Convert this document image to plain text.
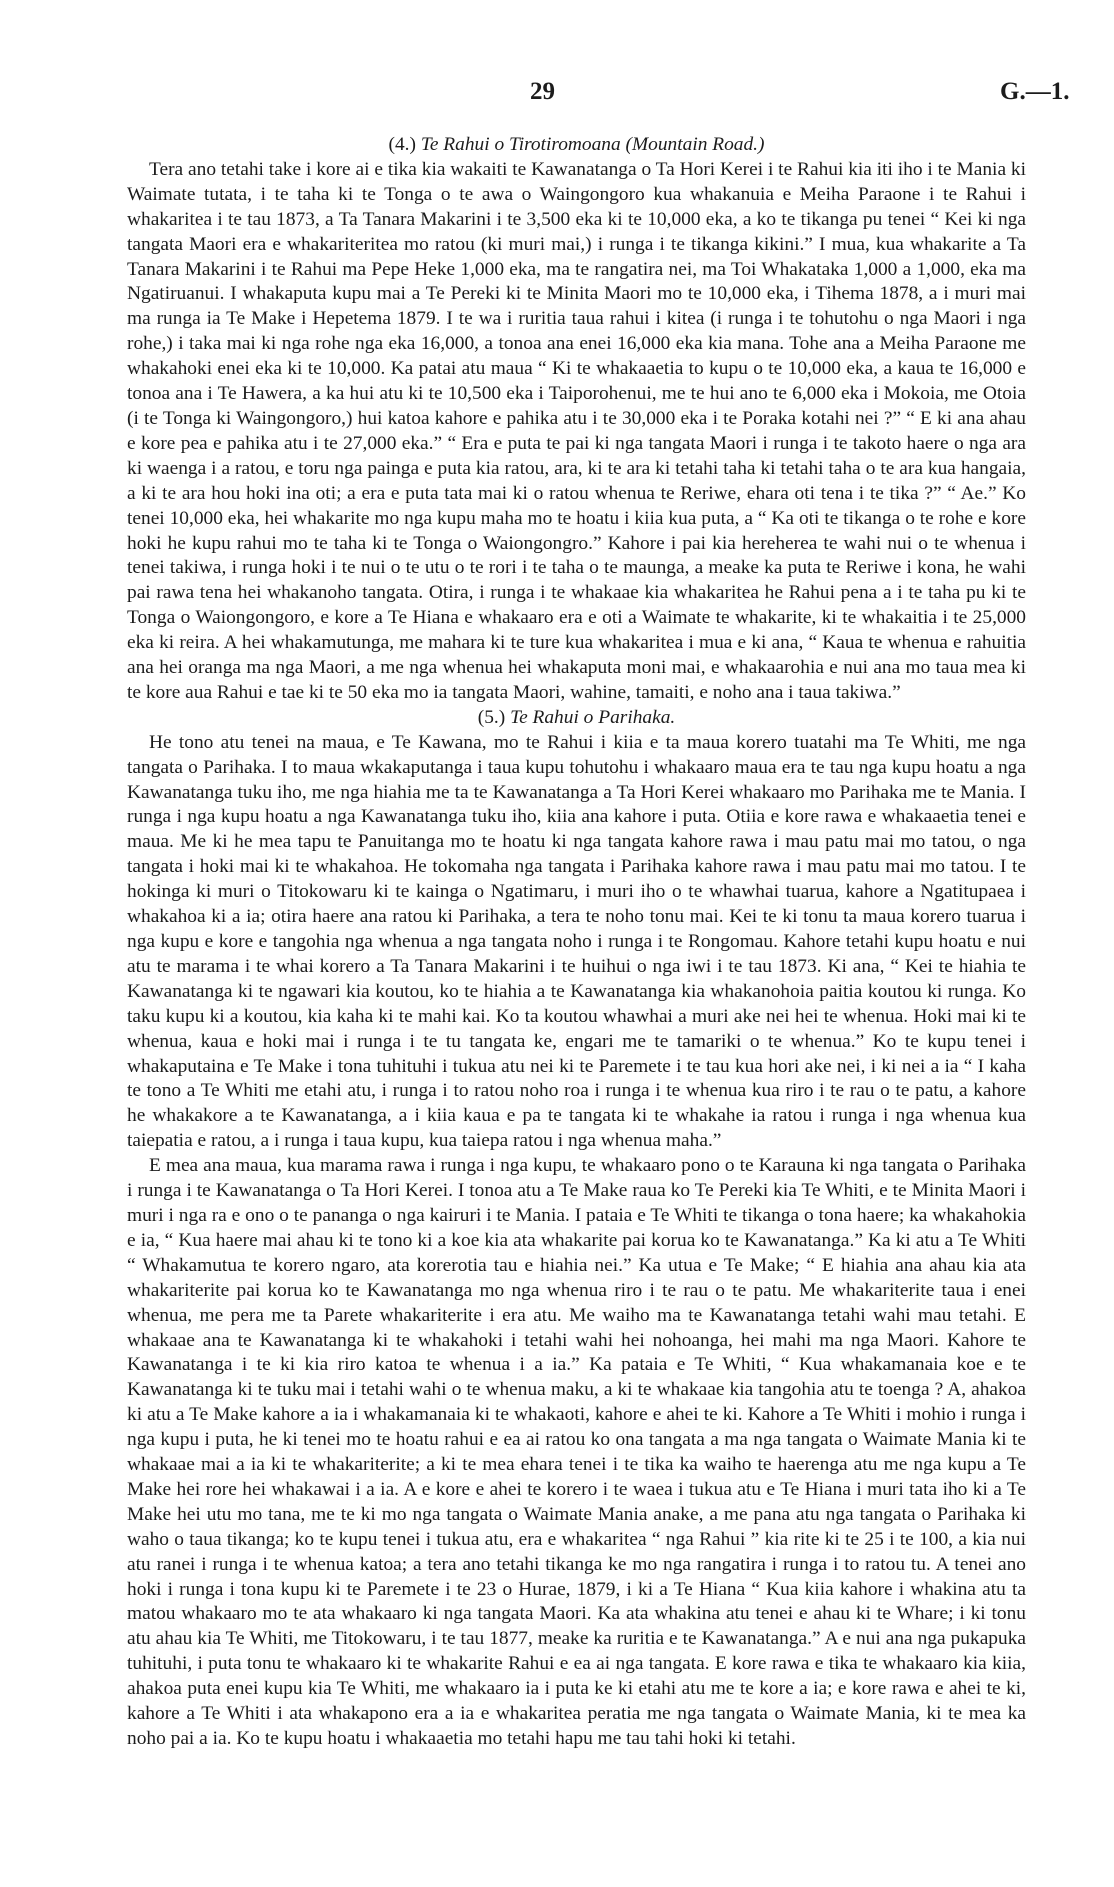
29	G.—1.
(4.) Te Rahui o Tirotiromoana (Mountain Road.)

Tera ano tetahi take i kore ai e tika kia wakaiti te Kawanatanga o Ta Hori Kerei i te Rahui kia iti iho i te Mania ki Waimate tutata, i te taha ki te Tonga o te awa o Waingongoro kua whakanuia e Meiha Paraone i te Rahui i whakaritea i te tau 1873, a Ta Tanara Makarini i te 3,500 eka ki te 10,000 eka, a ko te tikanga pu tenei “ Kei ki nga tangata Maori era e whakariteritea mo ratou (ki muri mai,) i runga i te tikanga kikini.” I mua, kua whakarite a Ta Tanara Makarini i te Rahui ma Pepe Heke 1,000 eka, ma te rangatira nei, ma Toi Whakataka 1,000 a 1,000, eka ma Ngatiruanui. I whakaputa kupu mai a Te Pereki ki te Minita Maori mo te 10,000 eka, i Tihema 1878, a i muri mai ma runga ia Te Make i Hepetema 1879. I te wa i ruritia taua rahui i kitea (i runga i te tohutohu o nga Maori i nga rohe,) i taka mai ki nga rohe nga eka 16,000, a tonoa ana enei 16,000 eka kia mana. Tohe ana a Meiha Paraone me whakahoki enei eka ki te 10,000. Ka patai atu maua “ Ki te whakaaetia to kupu o te 10,000 eka, a kaua te 16,000 e tonoa ana i Te Hawera, a ka hui atu ki te 10,500 eka i Taiporohenui, me te hui ano te 6,000 eka i Mokoia, me Otoia (i te Tonga ki Waingongoro,) hui katoa kahore e pahika atu i te 30,000 eka i te Poraka kotahi nei ?” “ E ki ana ahau e kore pea e pahika atu i te 27,000 eka.” “ Era e puta te pai ki nga tangata Maori i runga i te takoto haere o nga ara ki waenga i a ratou, e toru nga painga e puta kia ratou, ara, ki te ara ki tetahi taha ki tetahi taha o te ara kua hangaia, a ki te ara hou hoki ina oti; a era e puta tata mai ki o ratou whenua te Reriwe, ehara oti tena i te tika ?” “ Ae.” Ko tenei 10,000 eka, hei whakarite mo nga kupu maha mo te hoatu i kiia kua puta, a “ Ka oti te tikanga o te rohe e kore hoki he kupu rahui mo te taha ki te Tonga o Waiongongro.” Kahore i pai kia hereherea te wahi nui o te whenua i tenei takiwa, i runga hoki i te nui o te utu o te rori i te taha o te maunga, a meake ka puta te Reriwe i kona, he wahi pai rawa tena hei whakanoho tangata. Otira, i runga i te whakaae kia whakaritea he Rahui pena a i te taha pu ki te Tonga o Waiongongoro, e kore a Te Hiana e whakaaro era e oti a Waimate te whakarite, ki te whakaitia i te 25,000 eka ki reira. A hei whakamutunga, me mahara ki te ture kua whakaritea i mua e ki ana, “ Kaua te whenua e rahuitia ana hei oranga ma nga Maori, a me nga whenua hei whakaputa moni mai, e whakaarohia e nui ana mo taua mea ki te kore aua Rahui e tae ki te 50 eka mo ia tangata Maori, wahine, tamaiti, e noho ana i taua takiwa.”

(5.) Te Rahui o Parihaka.

He tono atu tenei na maua, e Te Kawana, mo te Rahui i kiia e ta maua korero tuatahi ma Te Whiti, me nga tangata o Parihaka. I to maua wkakaputanga i taua kupu tohutohu i whakaaro maua era te tau nga kupu hoatu a nga Kawanatanga tuku iho, me nga hiahia me ta te Kawanatanga a Ta Hori Kerei whakaaro mo Parihaka me te Mania. I runga i nga kupu hoatu a nga Kawanatanga tuku iho, kiia ana kahore i puta. Otiia e kore rawa e whakaaetia tenei e maua. Me ki he mea tapu te Panuitanga mo te hoatu ki nga tangata kahore rawa i mau patu mai mo tatou, o nga tangata i hoki mai ki te whakahoa. He tokomaha nga tangata i Parihaka kahore rawa i mau patu mai mo tatou. I te hokinga ki muri o Titokowaru ki te kainga o Ngatimaru, i muri iho o te whawhai tuarua, kahore a Ngatitupaea i whakahoa ki a ia; otira haere ana ratou ki Parihaka, a tera te noho tonu mai. Kei te ki tonu ta maua korero tuarua i nga kupu e kore e tangohia nga whenua a nga tangata noho i runga i te Rongomau. Kahore tetahi kupu hoatu e nui atu te marama i te whai korero a Ta Tanara Makarini i te huihui o nga iwi i te tau 1873. Ki ana, “ Kei te hiahia te Kawanatanga ki te ngawari kia koutou, ko te hiahia a te Kawanatanga kia whakanohoia paitia koutou ki runga. Ko taku kupu ki a koutou, kia kaha ki te mahi kai. Ko ta koutou whawhai a muri ake nei hei te whenua. Hoki mai ki te whenua, kaua e hoki mai i runga i te tu tangata ke, engari me te tamariki o te whenua.” Ko te kupu tenei i whakaputaina e Te Make i tona tuhituhi i tukua atu nei ki te Paremete i te tau kua hori ake nei, i ki nei a ia “ I kaha te tono a Te Whiti me etahi atu, i runga i to ratou noho roa i runga i te whenua kua riro i te rau o te patu, a kahore he whakakore a te Kawanatanga, a i kiia kaua e pa te tangata ki te whakahe ia ratou i runga i nga whenua kua taiepatia e ratou, a i runga i taua kupu, kua taiepa ratou i nga whenua maha.”

E mea ana maua, kua marama rawa i runga i nga kupu, te whakaaro pono o te Karauna ki nga tangata o Parihaka i runga i te Kawanatanga o Ta Hori Kerei. I tonoa atu a Te Make raua ko Te Pereki kia Te Whiti, e te Minita Maori i muri i nga ra e ono o te pananga o nga kairuri i te Mania. I pataia e Te Whiti te tikanga o tona haere; ka whakahokia e ia, “ Kua haere mai ahau ki te tono ki a koe kia ata whakarite pai korua ko te Kawanatanga.” Ka ki atu a Te Whiti “ Whakamutua te korero ngaro, ata korerotia tau e hiahia nei.” Ka utua e Te Make; “ E hiahia ana ahau kia ata whakariterite pai korua ko te Kawanatanga mo nga whenua riro i te rau o te patu. Me whakariterite taua i enei whenua, me pera me ta Parete whakariterite i era atu. Me waiho ma te Kawanatanga tetahi wahi mau tetahi. E whakaae ana te Kawanatanga ki te whakahoki i tetahi wahi hei nohoanga, hei mahi ma nga Maori. Kahore te Kawanatanga i te ki kia riro katoa te whenua i a ia.” Ka pataia e Te Whiti, “ Kua whakamanaia koe e te Kawanatanga ki te tuku mai i tetahi wahi o te whenua maku, a ki te whakaae kia tangohia atu te toenga ? A, ahakoa ki atu a Te Make kahore a ia i whakamanaia ki te whakaoti, kahore e ahei te ki. Kahore a Te Whiti i mohio i runga i nga kupu i puta, he ki tenei mo te hoatu rahui e ea ai ratou ko ona tangata a ma nga tangata o Waimate Mania ki te whakaae mai a ia ki te whakariterite; a ki te mea ehara tenei i te tika ka waiho te haerenga atu me nga kupu a Te Make hei rore hei whakawai i a ia. A e kore e ahei te korero i te waea i tukua atu e Te Hiana i muri tata iho ki a Te Make hei utu mo tana, me te ki mo nga tangata o Waimate Mania anake, a me pana atu nga tangata o Parihaka ki waho o taua tikanga; ko te kupu tenei i tukua atu, era e whakaritea “ nga Rahui ” kia rite ki te 25 i te 100, a kia nui atu ranei i runga i te whenua katoa; a tera ano tetahi tikanga ke mo nga rangatira i runga i to ratou tu. A tenei ano hoki i runga i tona kupu ki te Paremete i te 23 o Hurae, 1879, i ki a Te Hiana “ Kua kiia kahore i whakina atu ta matou whakaaro mo te ata whakaaro ki nga tangata Maori. Ka ata whakina atu tenei e ahau ki te Whare; i ki tonu atu ahau kia Te Whiti, me Titokowaru, i te tau 1877, meake ka ruritia e te Kawanatanga.” A e nui ana nga pukapuka tuhituhi, i puta tonu te whakaaro ki te whakarite Rahui e ea ai nga tangata. E kore rawa e tika te whakaaro kia kiia, ahakoa puta enei kupu kia Te Whiti, me whakaaro ia i puta ke ki etahi atu me te kore a ia; e kore rawa e ahei te ki, kahore a Te Whiti i ata whakapono era a ia e whakaritea peratia me nga tangata o Waimate Mania, ki te mea ka noho pai a ia. Ko te kupu hoatu i whakaaetia mo tetahi hapu me tau tahi hoki ki tetahi.
